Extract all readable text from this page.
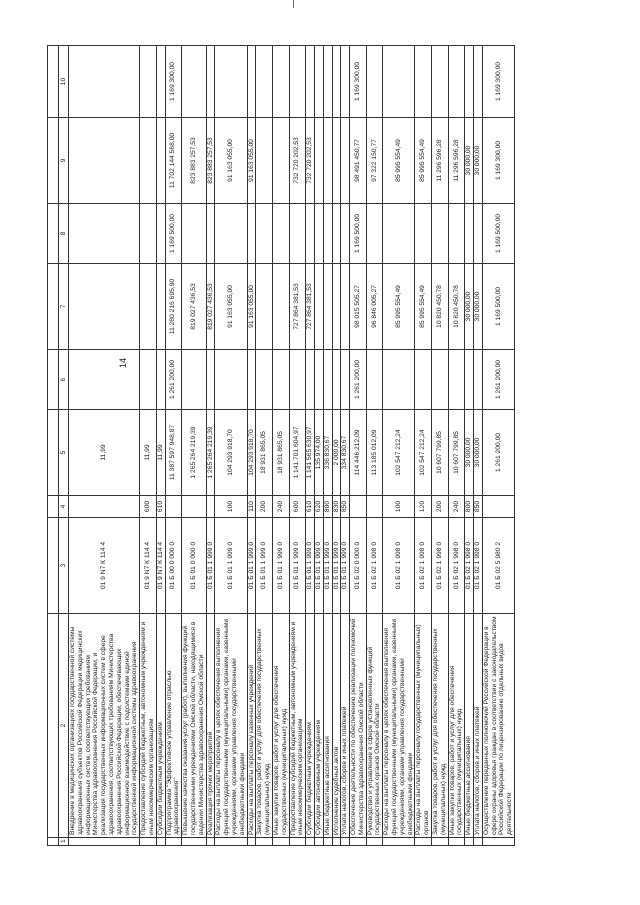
14

1	2	3	4	5	6	7	8	9	10
	Внедрение в медицинских организациях государственной системы здравоохранения субъектов Российской Федерации медицинских информационных систем, соответствующих требованиям Министерства здравоохранения Российской Федерации, и реализация государственных информационных систем в сфере здравоохранения, соответствующих требованиям Министерства здравоохранения Российской Федерации, обеспечивающих информационное взаимодействие с подсистемами единой государственной информационной системы здравоохранения	01 9 N7 К 114 4		11,99					
	Предоставление субсидий бюджетным, автономным учреждениям и иным некоммерческим организациям	01 9 N7 К 114 4	600	11,99					
	Субсидии бюджетным учреждениям	01 9 N7 К 114 4	610	11,99					
	Подпрограмма "Эффективное управление отраслью здравоохранения"	01 Б 00 0 000 0		11 387 597 948,87	1 261 200,00	11 280 216 695,90	1 169 500,00	11 702 144 568,00	1 169 300,00
	Повышение качества оказания услуг (работ), выполнения функций государственными учреждениями Омской области, находящимися в ведении Министерства здравоохранения Омской области	01 Б 01 0 000 0		1 265 264 219,39		819 027 436,53		823 883 257,53	
	Реализация прочих мероприятий	01 Б 01 1 999 0		1 265 264 219,39		819 027 436,53		823 883 257,53	
	Расходы на выплаты персоналу в целях обеспечения выполнения функций государственными (муниципальными) органами, казенными учреждениями, органами управления государственными внебюджетными фондами	01 Б 01 1 999 0	100	104 293 918,70		91 163 055,00		91 163 055,00	
	Расходы на выплаты персоналу казенных учреждений	01 Б 01 1 999 0	110	104 293 918,70		91 163 055,00		91 163 055,00	
	Закупка товаров, работ и услуг для обеспечения государственных (муниципальных) нужд	01 Б 01 1 999 0	200	18 931 865,05					
	Иные закупки товаров, работ и услуг для обеспечения государственных (муниципальных) нужд	01 Б 01 1 999 0	240	18 931 865,05					
	Предоставление субсидий бюджетным, автономным учреждениям и иным некоммерческим организациям	01 Б 01 1 999 0	600	1 141 701 604,97		727 864 381,53		732 720 202,53	
	Субсидии бюджетным учреждениям	01 Б 01 1 999 0	610	1 141 565 630,97		727 864 381,53		732 720 202,53	
	Субсидии автономным учреждениям	01 Б 01 1 999 0	620	135 974,00					
	Иные бюджетные ассигнования	01 Б 01 1 999 0	800	336 830,67					
	Исполнение судебных актов	01 Б 01 1 999 0	830	2 000,00					
	Уплата налогов, сборов и иных платежей	01 Б 01 1 999 0	850	334 830,67					
	Обеспечение деятельности по обеспечению реализации полномочий Министерства здравоохранения Омской области	01 Б 02 0 000 0		114 446 212,09	1 261 200,00	98 015 505,27	1 169 500,00	98 491 450,77	1 169 300,00
	Руководство и управление в сфере установленных функций государственных органов Омской области	01 Б 02 1 998 0		113 185 012,09		96 846 005,27		97 322 150,77	
	Расходы на выплаты персоналу в целях обеспечения выполнения функций государственными (муниципальными) органами, казенными учреждениями, органами управления государственными внебюджетными фондами	01 Б 02 1 998 0	100	102 547 212,24		85 995 554,49		85 995 554,49	
	Расходы на выплаты персоналу государственных (муниципальных) органов	01 Б 02 1 998 0	120	102 547 212,24		85 995 554,49		85 995 554,49	
	Закупка товаров, работ и услуг для обеспечения государственных (муниципальных) нужд	01 Б 02 1 998 0	200	10 607 799,85		10 820 450,78		11 296 596,28	
	Иные закупки товаров, работ и услуг для обеспечения государственных (муниципальных) нужд	01 Б 02 1 998 0	240	10 607 799,85		10 820 450,78		11 296 596,28	
	Иные бюджетные ассигнования	01 Б 02 1 998 0	800	30 000,00		30 000,00		30 000,00	
	Уплата налогов, сборов и иных платежей	01 Б 02 1 998 0	850	30 000,00		30 000,00		30 000,00	
	Осуществление переданных полномочий Российской Федерации в сфере охраны здоровья граждан в соответствии с законодательством Российской Федерации по лицензированию отдельных видов деятельности	01 Б 02 5 980 2		1 261 200,00	1 261 200,00	1 169 500,00	1 169 500,00	1 169 300,00	1 169 300,00
